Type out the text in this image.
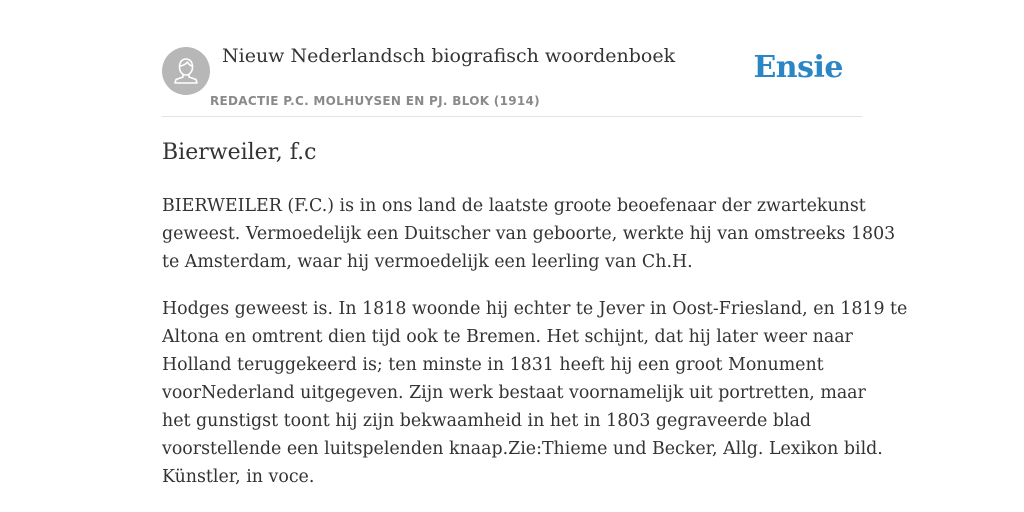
Nieuw Nederlandsch biografisch woordenboek
REDACTIE P.C. MOLHUYSEN EN PJ. BLOK (1914)
Ensie
Bierweiler, f.c

BIERWEILER (F.C.) is in ons land de laatste groote beoefenaar der zwartekunst
geweest. Vermoedelijk een Duitscher van geboorte, werkte hij van omstreeks 1803
te Amsterdam, waar hij vermoedelijk een leerling van Ch.H.

Hodges geweest is. In 1818 woonde hij echter te Jever in Oost-Friesland, en 1819 te
Altona en omtrent dien tijd ook te Bremen. Het schijnt, dat hij later weer naar
Holland teruggekeerd is; ten minste in 1831 heeft hij een groot Monument
voorNederland uitgegeven. Zijn werk bestaat voornamelijk uit portretten, maar
het gunstigst toont hij zijn bekwaamheid in het in 1803 gegraveerde blad
voorstellende een luitspelenden knaap.Zie:Thieme und Becker, Allg. Lexikon bild.
Künstler, in voce.
